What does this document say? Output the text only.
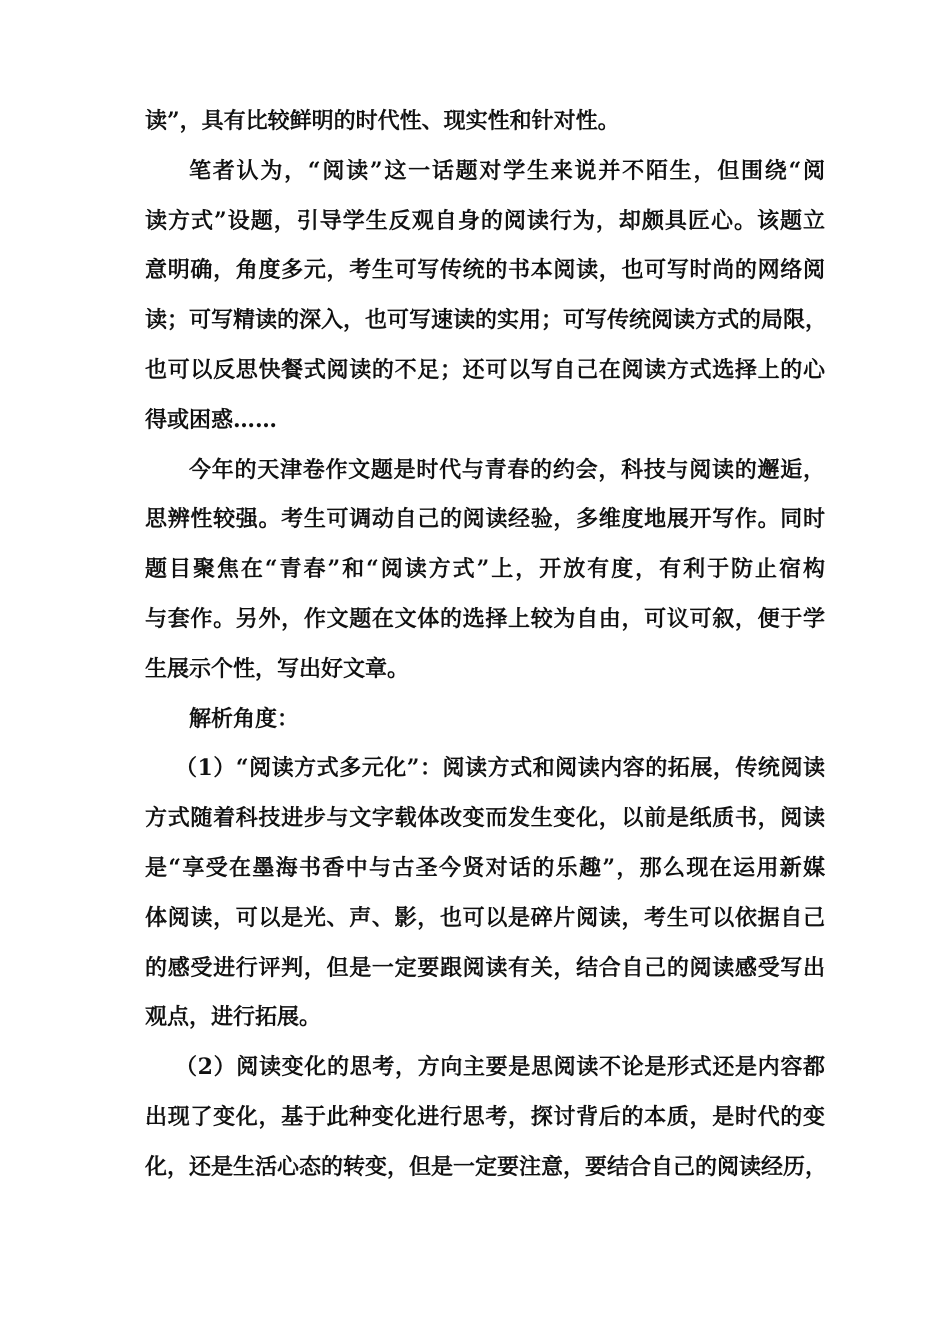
读”，具有比较鲜明的时代性、现实性和针对性。
笔者认为，“阅读”这一话题对学生来说并不陌生，但围绕“阅
读方式”设题，引导学生反观自身的阅读行为，却颇具匠心。该题立
意明确，角度多元，考生可写传统的书本阅读，也可写时尚的网络阅
读；可写精读的深入，也可写速读的实用；可写传统阅读方式的局限，
也可以反思快餐式阅读的不足；还可以写自己在阅读方式选择上的心
得或困惑……
今年的天津卷作文题是时代与青春的约会，科技与阅读的邂逅，
思辨性较强。考生可调动自己的阅读经验，多维度地展开写作。同时
题目聚焦在“青春”和“阅读方式”上，开放有度，有利于防止宿构
与套作。另外，作文题在文体的选择上较为自由，可议可叙，便于学
生展示个性，写出好文章。
解析角度：
（1）“阅读方式多元化”：阅读方式和阅读内容的拓展，传统阅读
方式随着科技进步与文字载体改变而发生变化，以前是纸质书，阅读
是“享受在墨海书香中与古圣今贤对话的乐趣”，那么现在运用新媒
体阅读，可以是光、声、影，也可以是碎片阅读，考生可以依据自己
的感受进行评判，但是一定要跟阅读有关，结合自己的阅读感受写出
观点，进行拓展。
（2）阅读变化的思考，方向主要是思阅读不论是形式还是内容都
出现了变化，基于此种变化进行思考，探讨背后的本质，是时代的变
化，还是生活心态的转变，但是一定要注意，要结合自己的阅读经历，
